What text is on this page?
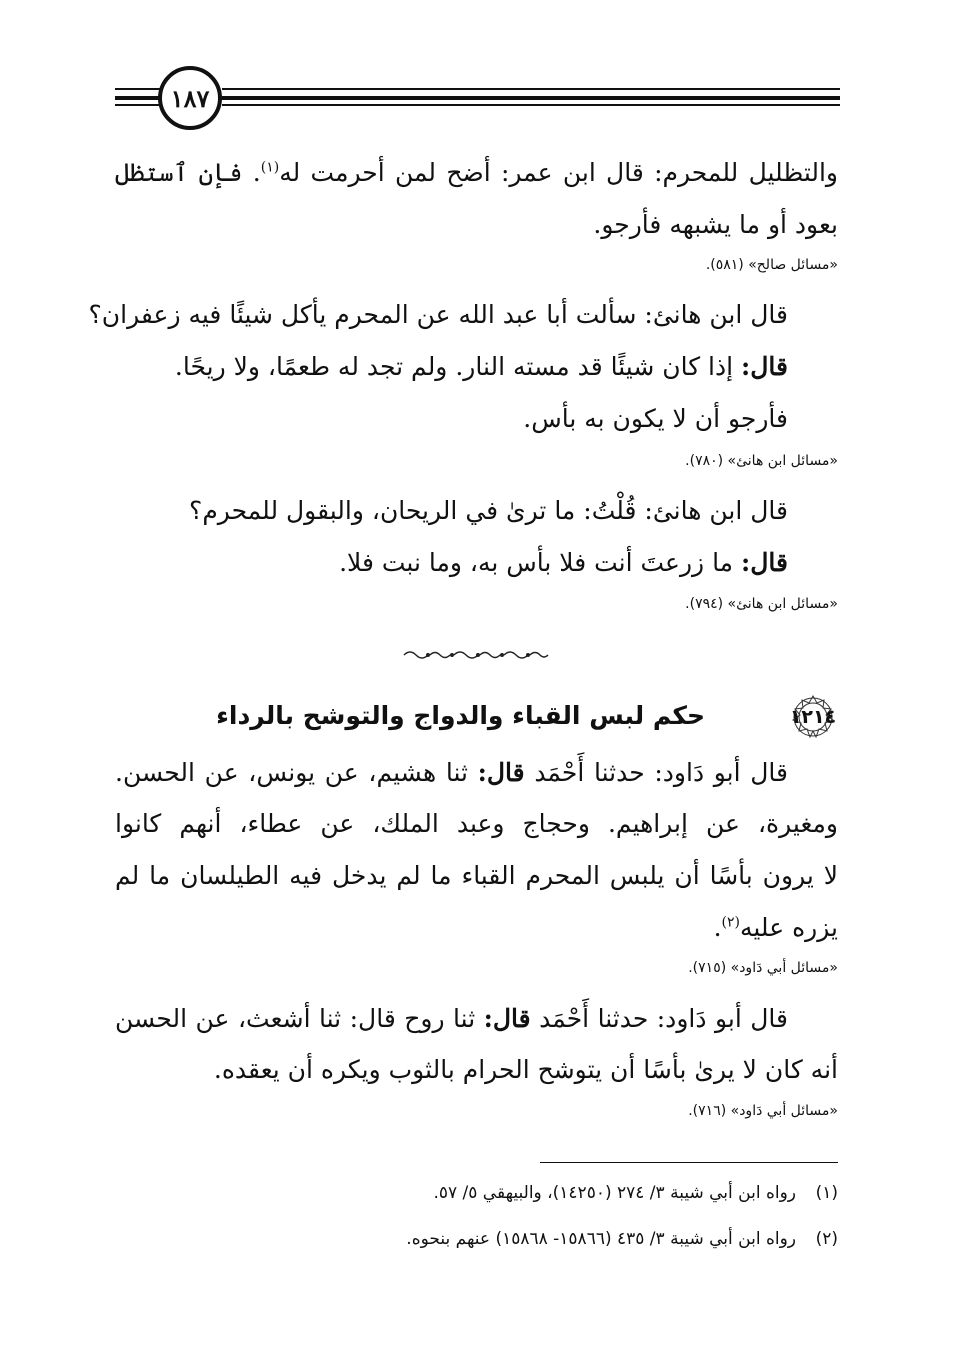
١٨٧
والتظليل للمحرم: قال ابن عمر: أضح لمن أحرمت له$^{(١)}$. فإن ٱستظل
بعود أو ما يشبهه فأرجو.
«مسائل صالح» (٥٨١).
قال ابن هانئ: سألت أبا عبد الله عن المحرم يأكل شيئًا فيه زعفران؟
قال: إذا كان شيئًا قد مسته النار. ولم تجد له طعمًا، ولا ريحًا.
فأرجو أن لا يكون به بأس.
«مسائل ابن هانئ» (٧٨٠).
قال ابن هانئ: قُلْتُ: ما ترىٰ في الريحان، والبقول للمحرم؟
قال: ما زرعتَ أنت فلا بأس به، وما نبت فلا.
«مسائل ابن هانئ» (٧٩٤).
١٢١٤
حكم لبس القباء والدواج والتوشح بالرداء
قال أبو دَاود: حدثنا أَحْمَد قال: ثنا هشيم، عن يونس، عن الحسن.
ومغيرة، عن إبراهيم. وحجاج وعبد الملك، عن عطاء، أنهم كانوا
لا يرون بأسًا أن يلبس المحرم القباء ما لم يدخل فيه الطيلسان ما لم
يزره عليه$^{(٢)}$.
«مسائل أبي دَاود» (٧١٥).
قال أبو دَاود: حدثنا أَحْمَد قال: ثنا روح قال: ثنا أشعث، عن الحسن
أنه كان لا يرىٰ بأسًا أن يتوشح الحرام بالثوب ويكره أن يعقده.
«مسائل أبي دَاود» (٧١٦).
(١)رواه ابن أبي شيبة ٣/ ٢٧٤ (١٤٢٥٠)، والبيهقي ٥/ ٥٧.
(٢)رواه ابن أبي شيبة ٣/ ٤٣٥ (١٥٨٦٦- ١٥٨٦٨) عنهم بنحوه.
